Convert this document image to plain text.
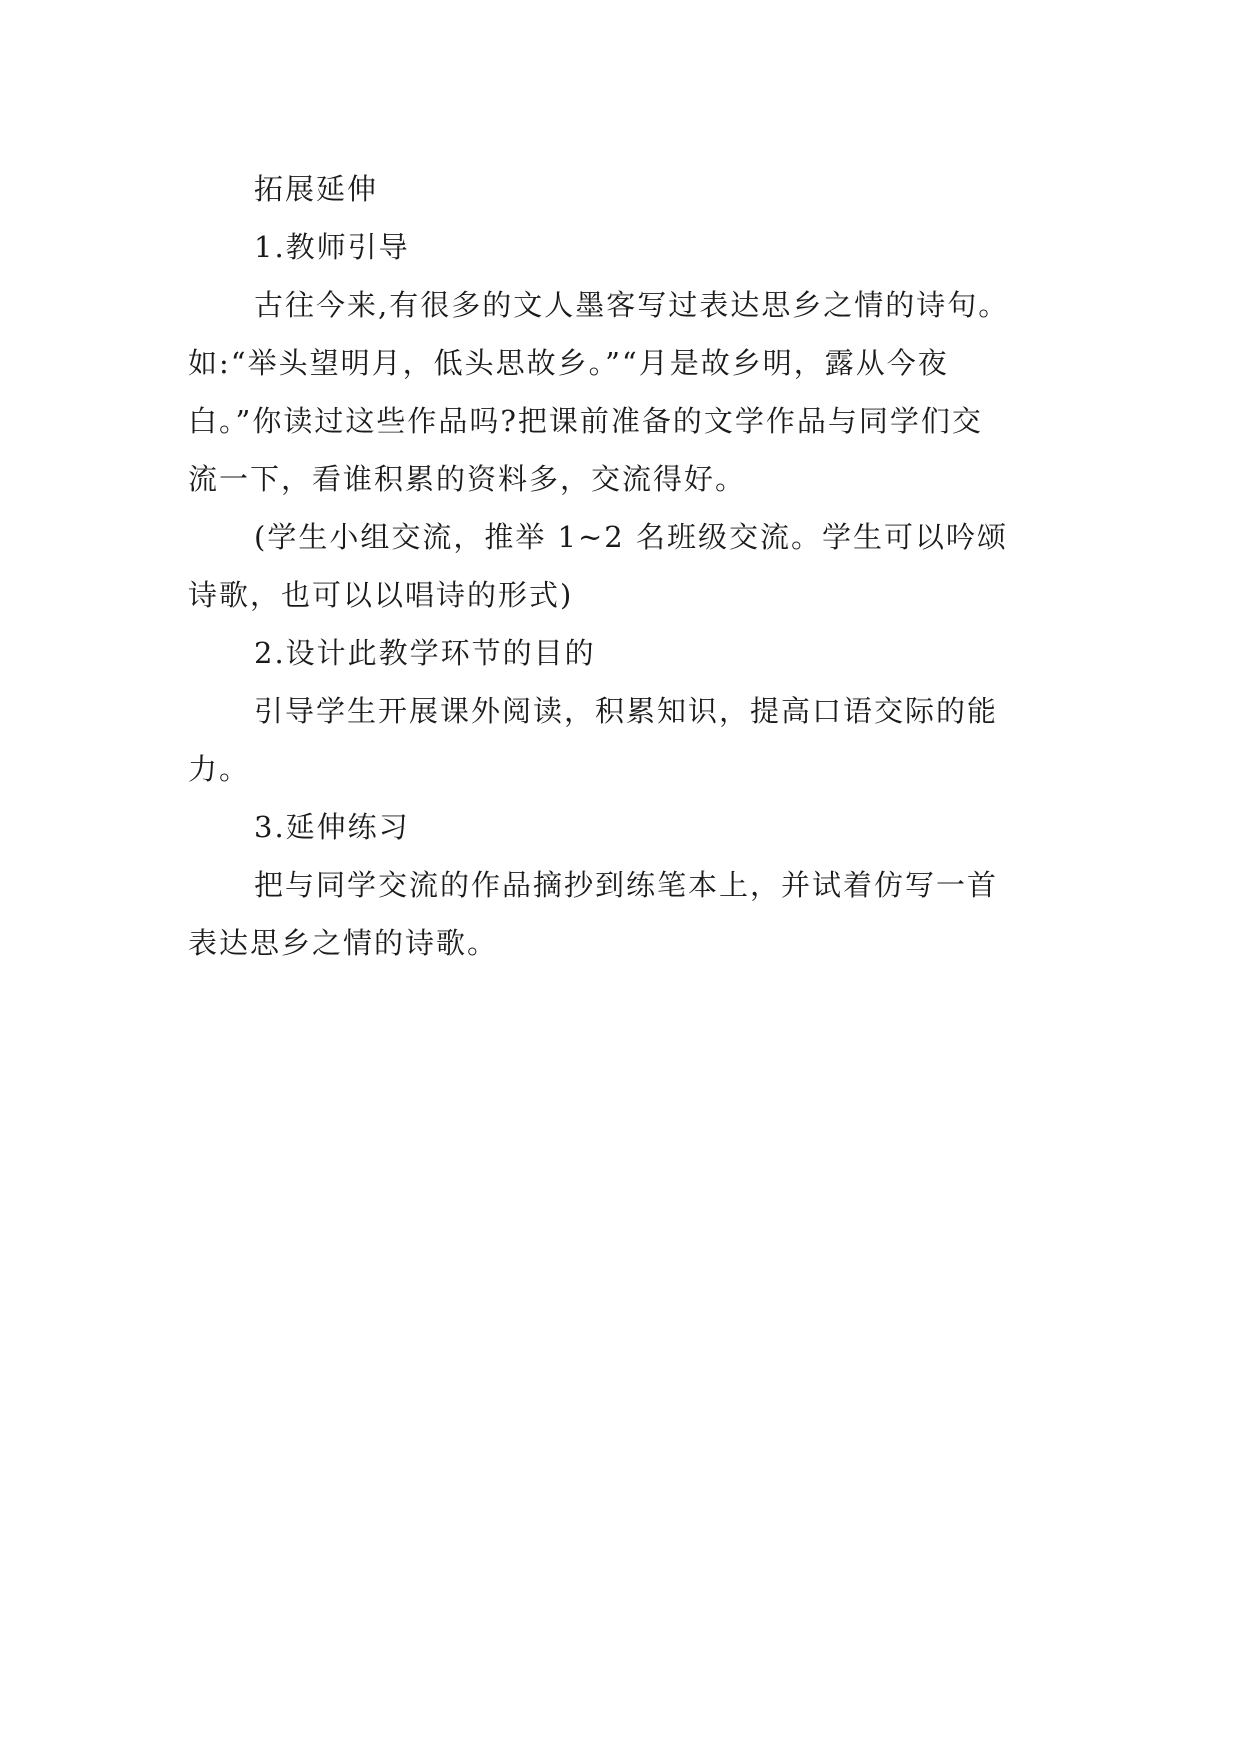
拓展延伸
1.教师引导
古往今来,有很多的文人墨客写过表达思乡之情的诗句。
如:“举头望明月，低头思故乡。”“月是故乡明，露从今夜
白。”你读过这些作品吗?把课前准备的文学作品与同学们交
流一下，看谁积累的资料多，交流得好。
(学生小组交流，推举 1~2 名班级交流。学生可以吟颂
诗歌，也可以以唱诗的形式)
2.设计此教学环节的目的
引导学生开展课外阅读，积累知识，提高口语交际的能
力。
3.延伸练习
把与同学交流的作品摘抄到练笔本上，并试着仿写一首
表达思乡之情的诗歌。
